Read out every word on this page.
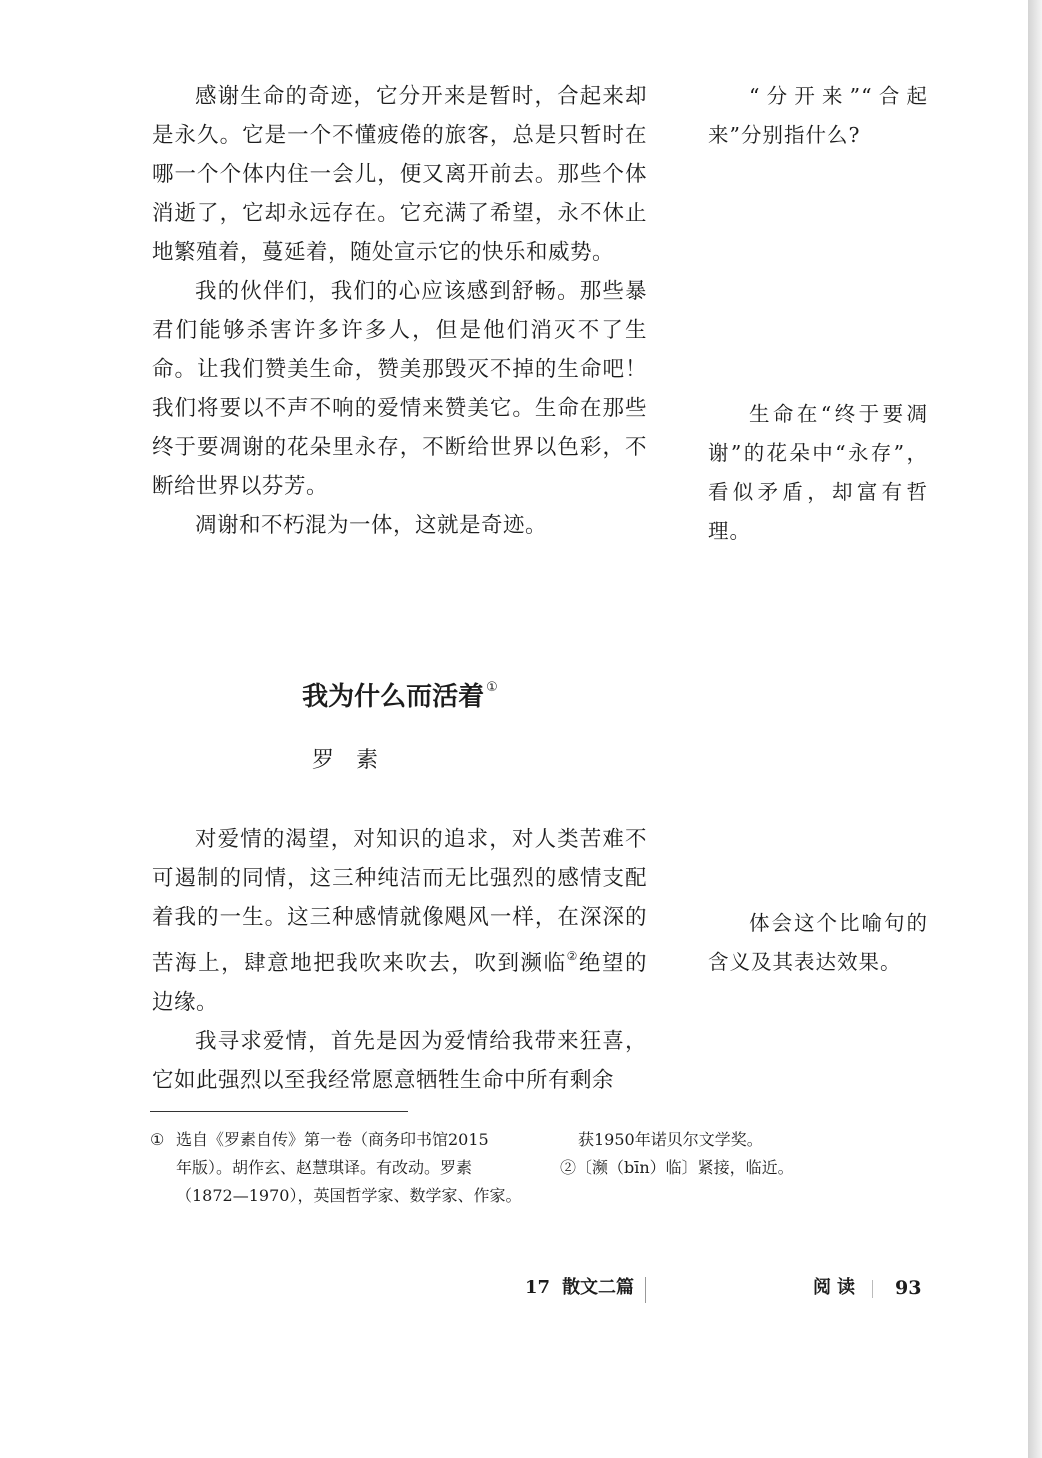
感谢生命的奇迹，它分开来是暂时，合起来却是永久。它是一个不懂疲倦的旅客，总是只暂时在哪一个个体内住一会儿，便又离开前去。那些个体消逝了，它却永远存在。它充满了希望，永不休止地繁殖着，蔓延着，随处宣示它的快乐和威势。

我的伙伴们，我们的心应该感到舒畅。那些暴君们能够杀害许多许多人，但是他们消灭不了生命。让我们赞美生命，赞美那毁灭不掉的生命吧！我们将要以不声不响的爱情来赞美它。生命在那些终于要凋谢的花朵里永存，不断给世界以色彩，不断给世界以芬芳。

凋谢和不朽混为一体，这就是奇迹。

“分开来”“合起来”分别指什么?

生命在“终于要凋谢”的花朵中“永存”，看似矛盾，却富有哲理。

体会这个比喻句的含义及其表达效果。

我为什么而活着 ①
罗素

对爱情的渴望，对知识的追求，对人类苦难不可遏制的同情，这三种纯洁而无比强烈的感情支配着我的一生。这三种感情就像飓风一样，在深深的苦海上，肆意地把我吹来吹去，吹到濒临②绝望的边缘。

我寻求爱情，首先是因为爱情给我带来狂喜，它如此强烈以至我经常愿意牺牲生命中所有剩余

① 选自《罗素自传》第一卷（商务印书馆2015
年版）。胡作玄、赵慧琪译。有改动。罗素
（1872—1970），英国哲学家、数学家、作家。
获1950年诺贝尔文学奖。
②〔濒（bīn）临〕紧接，临近。
17 散文二篇	阅读 93
